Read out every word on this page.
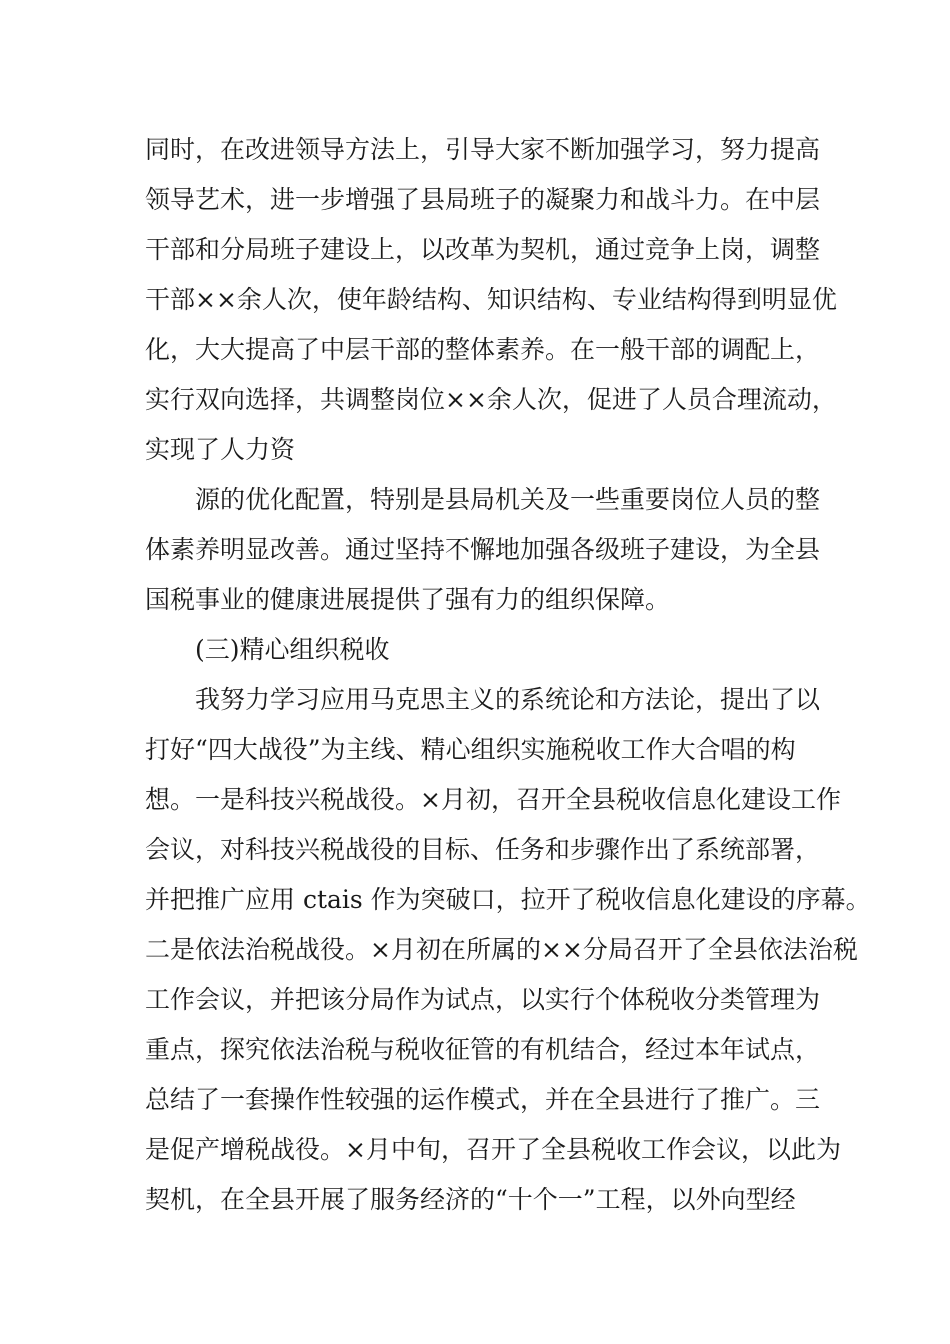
同时，在改进领导方法上，引导大家不断加强学习，努力提高
领导艺术，进一步增强了县局班子的凝聚力和战斗力。在中层
干部和分局班子建设上，以改革为契机，通过竞争上岗，调整
干部××余人次，使年龄结构、知识结构、专业结构得到明显优
化，大大提高了中层干部的整体素养。在一般干部的调配上，
实行双向选择，共调整岗位××余人次，促进了人员合理流动，
实现了人力资
源的优化配置，特别是县局机关及一些重要岗位人员的整
体素养明显改善。通过坚持不懈地加强各级班子建设，为全县
国税事业的健康进展提供了强有力的组织保障。
(三)精心组织税收
我努力学习应用马克思主义的系统论和方法论，提出了以
打好“四大战役”为主线、精心组织实施税收工作大合唱的构
想。一是科技兴税战役。×月初，召开全县税收信息化建设工作
会议，对科技兴税战役的目标、任务和步骤作出了系统部署，
并把推广应用 ctais 作为突破口，拉开了税收信息化建设的序幕。
二是依法治税战役。×月初在所属的××分局召开了全县依法治税
工作会议，并把该分局作为试点，以实行个体税收分类管理为
重点，探究依法治税与税收征管的有机结合，经过本年试点，
总结了一套操作性较强的运作模式，并在全县进行了推广。三
是促产增税战役。×月中旬，召开了全县税收工作会议，以此为
契机，在全县开展了服务经济的“十个一”工程，以外向型经
